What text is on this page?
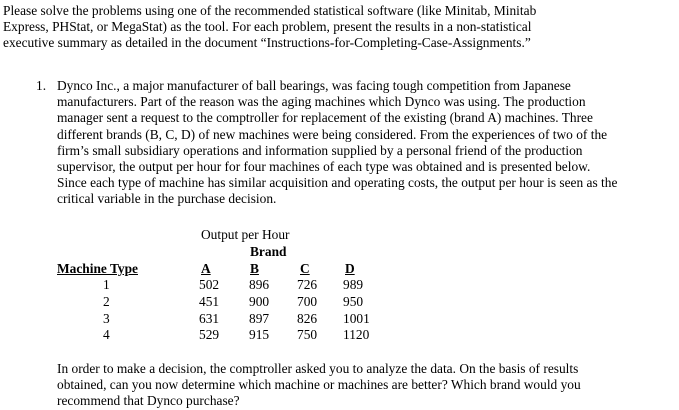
Please solve the problems using one of the recommended statistical software (like Minitab, Minitab
Express, PHStat, or MegaStat) as the tool. For each problem, present the results in a non-statistical
executive summary as detailed in the document “Instructions-for-Completing-Case-Assignments.”
1. Dynco Inc., a major manufacturer of ball bearings, was facing tough competition from Japanese
manufacturers. Part of the reason was the aging machines which Dynco was using. The production
manager sent a request to the comptroller for replacement of the existing (brand A) machines. Three
different brands (B, C, D) of new machines were being considered. From the experiences of two of the
firm’s small subsidiary operations and information supplied by a personal friend of the production
supervisor, the output per hour for four machines of each type was obtained and is presented below.
Since each type of machine has similar acquisition and operating costs, the output per hour is seen as the
critical variable in the purchase decision.
Output per Hour
Brand
Machine Type	A	B	C	D
1	502 896 726 989
2	451 900 700 950
3	631 897 826 1001
4	529 915 750 1120
In order to make a decision, the comptroller asked you to analyze the data. On the basis of results
obtained, can you now determine which machine or machines are better? Which brand would you
recommend that Dynco purchase?
